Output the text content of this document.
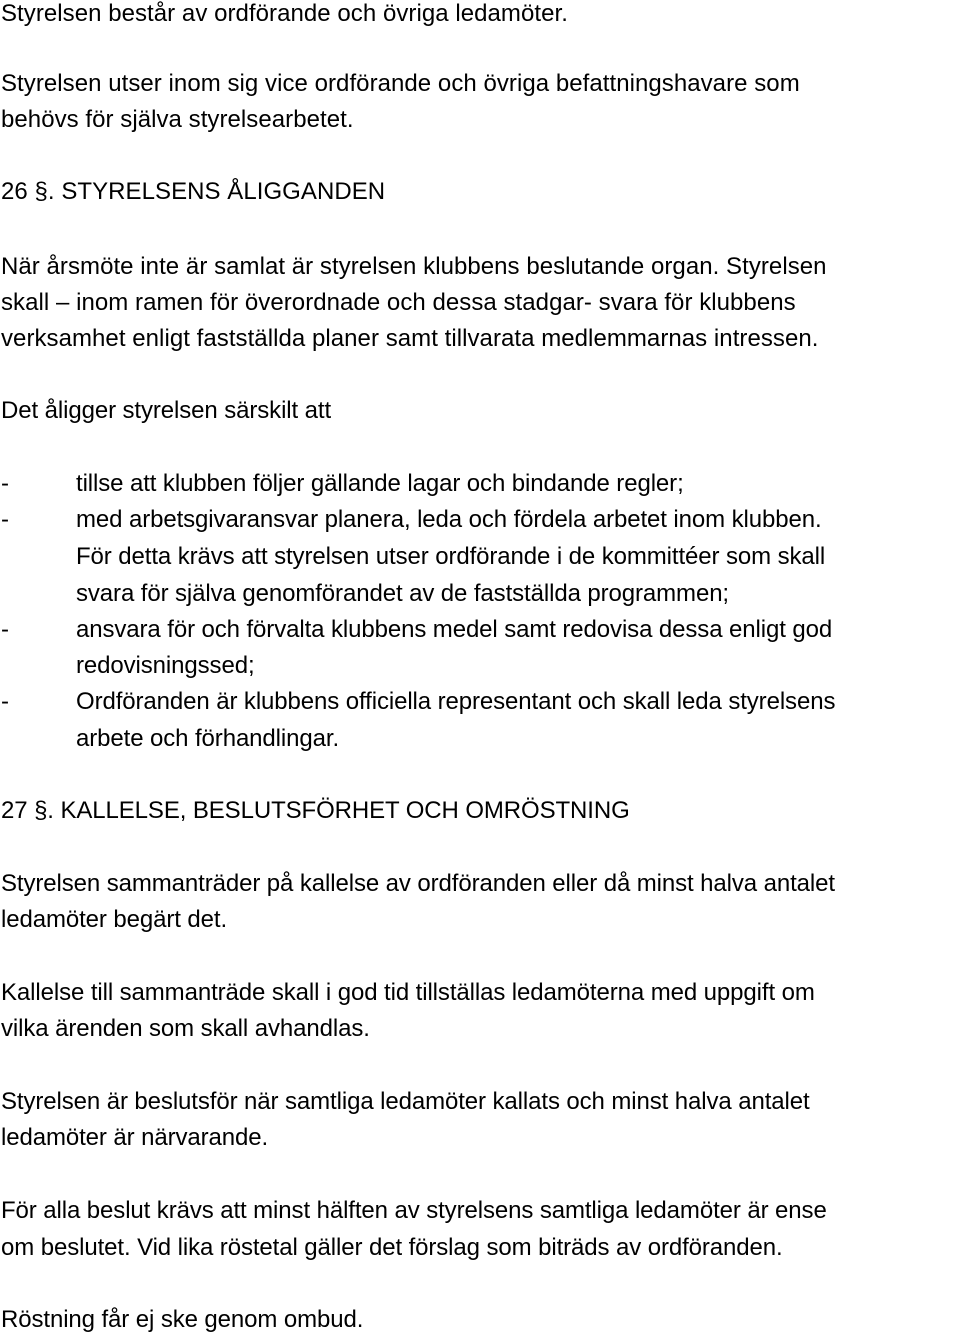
Styrelsen består av ordförande och övriga ledamöter.

Styrelsen utser inom sig vice ordförande och övriga befattningshavare som

behövs för själva styrelsearbetet.

26 §. STYRELSENS ÅLIGGANDEN

När årsmöte inte är samlat är styrelsen klubbens beslutande organ. Styrelsen

skall – inom ramen för överordnade och dessa stadgar- svara för klubbens

verksamhet enligt fastställda planer samt tillvarata medlemmarnas intressen.

Det åligger styrelsen särskilt att

-	tillse att klubben följer gällande lagar och bindande regler;

-	med arbetsgivaransvar planera, leda och fördela arbetet inom klubben.

För detta krävs att styrelsen utser ordförande i de kommittéer som skall

svara för själva genomförandet av de fastställda programmen;

-	ansvara för och förvalta klubbens medel samt redovisa dessa enligt god

redovisningssed;

-	Ordföranden är klubbens officiella representant och skall leda styrelsens

arbete och förhandlingar.

27 §. KALLELSE, BESLUTSFÖRHET OCH OMRÖSTNING

Styrelsen sammanträder på kallelse av ordföranden eller då minst halva antalet

ledamöter begärt det.

Kallelse till sammanträde skall i god tid tillställas ledamöterna med uppgift om

vilka ärenden som skall avhandlas.

Styrelsen är beslutsför när samtliga ledamöter kallats och minst halva antalet

ledamöter är närvarande.

För alla beslut krävs att minst hälften av styrelsens samtliga ledamöter är ense

om beslutet. Vid lika röstetal gäller det förslag som biträds av ordföranden.

Röstning får ej ske genom ombud.
